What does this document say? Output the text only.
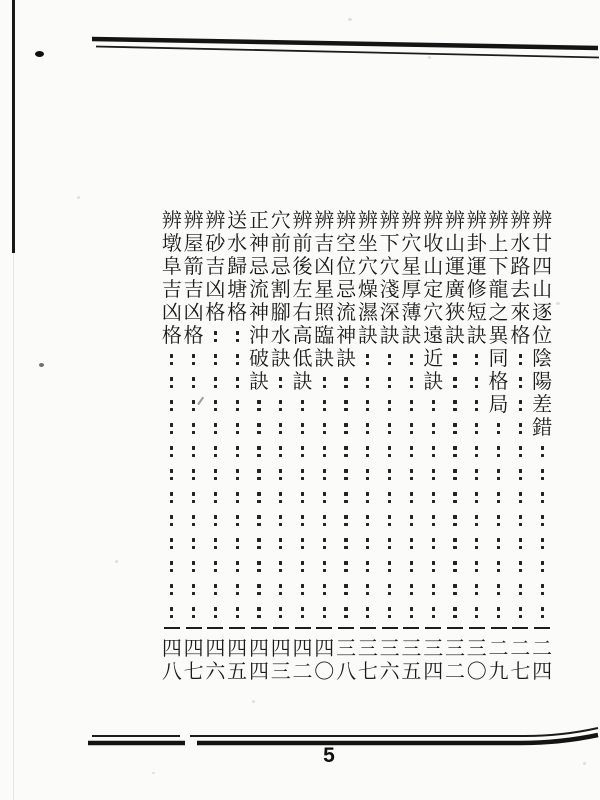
辨
廿
四
山
逐
位
陰
陽
差
錯
二
四
辨
水
路
去
來
格
二
七
辨
上
下
龍
之
異
同
格
局
二
九
辨
卦
運
修
短
訣
三
〇
辨
山
運
廣
狹
訣
三
二
辨
收
山
定
穴
遠
近
訣
三
四
辨
穴
星
厚
薄
訣
三
五
辨
下
穴
淺
深
訣
三
六
辨
坐
穴
燥
濕
訣
三
七
辨
空
位
忌
流
神
訣
三
八
辨
吉
凶
星
照
臨
訣
四
〇
辨
前
後
左
右
高
低
訣
四
二
穴
前
忌
割
腳
水
訣
四
三
正
神
忌
流
神
沖
破
訣
四
四
送
水
歸
塘
格
四
五
辨
砂
吉
凶
格
四
六
辨
屋
箭
吉
凶
格
四
七
辨
墩
阜
吉
凶
格
四
八
5
